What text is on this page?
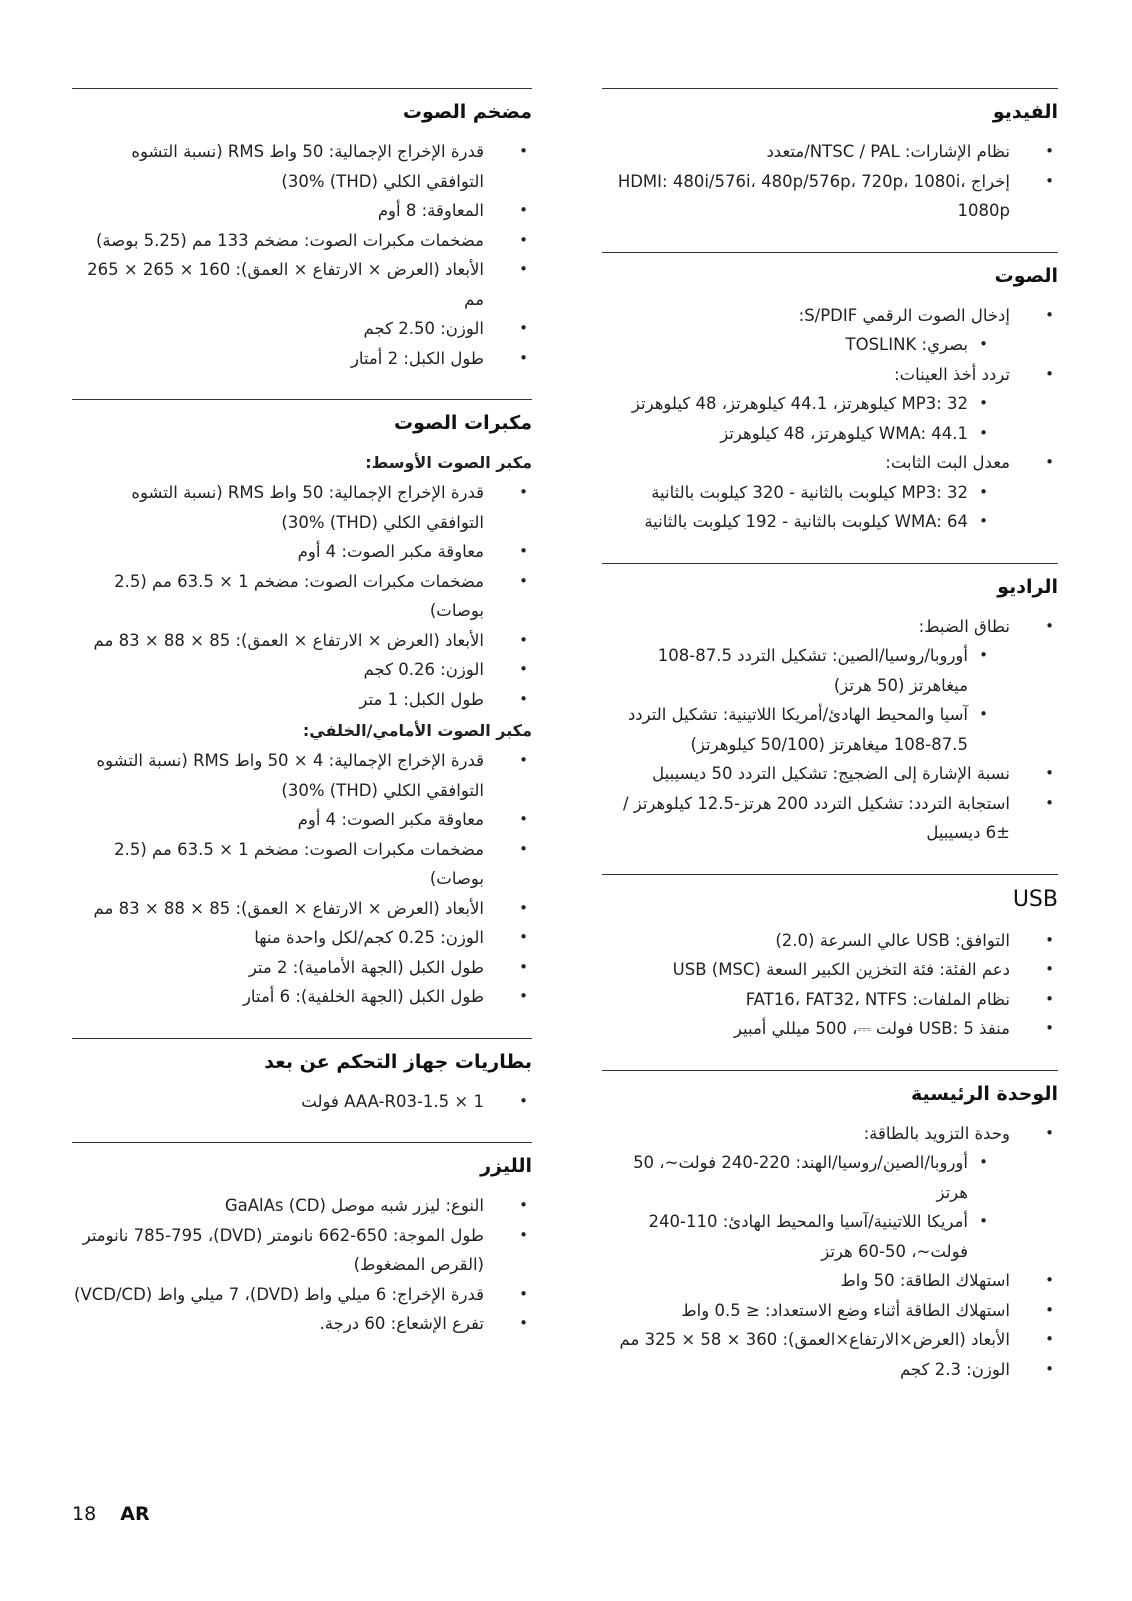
الفيديو
• نظام الإشارات: NTSC / PAL/متعدد
• إخراج HDMI: 480i/576i، 480p/576p، 720p، 1080i، 1080p
الصوت
• إدخال الصوت الرقمي S/PDIF:
• بصري: TOSLINK
• تردد أخذ العينات:
• MP3: 32 كيلوهرتز، 44.1 كيلوهرتز، 48 كيلوهرتز
• WMA: 44.1 كيلوهرتز، 48 كيلوهرتز
• معدل البت الثابت:
• MP3: 32 كيلوبت بالثانية - 320 كيلوبت بالثانية
• WMA: 64 كيلوبت بالثانية - 192 كيلوبت بالثانية
الراديو
• نطاق الضبط:
• أوروبا/روسيا/الصين: تشكيل التردد 87.5-108 ميغاهرتز (50 هرتز)
• آسيا والمحيط الهادئ/أمريكا اللاتينية: تشكيل التردد 87.5-108 ميغاهرتز (50/100 كيلوهرتز)
• نسبة الإشارة إلى الضجيج: تشكيل التردد 50 ديسيبيل
• استجابة التردد: تشكيل التردد 200 هرتز-12.5 كيلوهرتز / ±6 ديسيبيل
USB
• التوافق: USB عالي السرعة (2.0)
• دعم الفئة: فئة التخزين الكبير السعة USB (MSC)
• نظام الملفات: FAT16، FAT32، NTFS
• منفذ USB: 5 فولت ⎓، 500 ميللي أمبير
الوحدة الرئيسية
• وحدة التزويد بالطاقة:
• أوروبا/الصين/روسيا/الهند: 220-240 فولت~، 50 هرتز
• أمريكا اللاتينية/آسيا والمحيط الهادئ: 110-240 فولت~، 50-60 هرتز
• استهلاك الطاقة: 50 واط
• استهلاك الطاقة أثناء وضع الاستعداد: ≤ 0.5 واط
• الأبعاد (العرض×الارتفاع×العمق): 360 × 58 × 325 مم
• الوزن: 2.3 كجم
مضخم الصوت
• قدرة الإخراج الإجمالية: 50 واط RMS (نسبة التشوه التوافقي الكلي (THD) 30%)
• المعاوقة: 8 أوم
• مضخمات مكبرات الصوت: مضخم 133 مم (5.25 بوصة)
• الأبعاد (العرض × الارتفاع × العمق): 160 × 265 × 265 مم
• الوزن: 2.50 كجم
• طول الكبل: 2 أمتار
مكبرات الصوت
مكبر الصوت الأوسط:
• قدرة الإخراج الإجمالية: 50 واط RMS (نسبة التشوه التوافقي الكلي (THD) 30%)
• معاوقة مكبر الصوت: 4 أوم
• مضخمات مكبرات الصوت: مضخم 1 × 63.5 مم (2.5 بوصات)
• الأبعاد (العرض × الارتفاع × العمق): 85 × 88 × 83 مم
• الوزن: 0.26 كجم
• طول الكبل: 1 متر
مكبر الصوت الأمامي/الخلفي:
• قدرة الإخراج الإجمالية: 4 × 50 واط RMS (نسبة التشوه التوافقي الكلي (THD) 30%)
• معاوقة مكبر الصوت: 4 أوم
• مضخمات مكبرات الصوت: مضخم 1 × 63.5 مم (2.5 بوصات)
• الأبعاد (العرض × الارتفاع × العمق): 85 × 88 × 83 مم
• الوزن: 0.25 كجم/لكل واحدة منها
• طول الكبل (الجهة الأمامية): 2 متر
• طول الكبل (الجهة الخلفية): 6 أمتار
بطاريات جهاز التحكم عن بعد
• 1 × AAA-R03-1.5 فولت
الليزر
• النوع: ليزر شبه موصل (CD) GaAlAs
• طول الموجة: 650-662 نانومتر (DVD)، 785-795 نانومتر (القرص المضغوط)
• قدرة الإخراج: 6 ميلي واط (DVD)، 7 ميلي واط (VCD/CD)
• تفرع الإشعاع: 60 درجة.
18 AR
